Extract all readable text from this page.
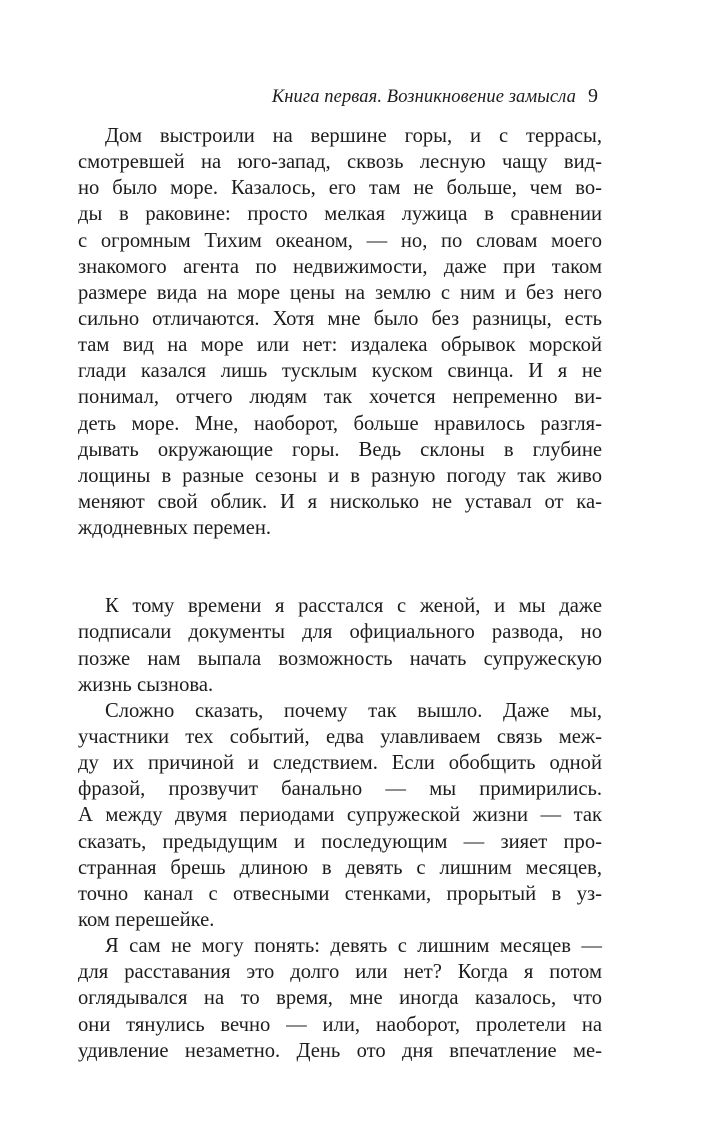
Книга первая. Возникновение замысла 9
Дом выстроили на вершине горы, и с террасы,
смотревшей на юго-запад, сквозь лесную чащу вид-
но было море. Казалось, его там не больше, чем во-
ды в раковине: просто мелкая лужица в сравнении
с огромным Тихим океаном, — но, по словам моего
знакомого агента по недвижимости, даже при таком
размере вида на море цены на землю с ним и без него
сильно отличаются. Хотя мне было без разницы, есть
там вид на море или нет: издалека обрывок морской
глади казался лишь тусклым куском свинца. И я не
понимал, отчего людям так хочется непременно ви-
деть море. Мне, наоборот, больше нравилось разгля-
дывать окружающие горы. Ведь склоны в глубине
лощины в разные сезоны и в разную погоду так живо
меняют свой облик. И я нисколько не уставал от ка-
ждодневных перемен.
К тому времени я расстался с женой, и мы даже
подписали документы для официального развода, но
позже нам выпала возможность начать супружескую
жизнь сызнова.
Сложно сказать, почему так вышло. Даже мы,
участники тех событий, едва улавливаем связь меж-
ду их причиной и следствием. Если обобщить одной
фразой, прозвучит банально — мы примирились.
А между двумя периодами супружеской жизни — так
сказать, предыдущим и последующим — зияет про-
странная брешь длиною в девять с лишним месяцев,
точно канал с отвесными стенками, прорытый в уз-
ком перешейке.
Я сам не могу понять: девять с лишним месяцев —
для расставания это долго или нет? Когда я потом
оглядывался на то время, мне иногда казалось, что
они тянулись вечно — или, наоборот, пролетели на
удивление незаметно. День ото дня впечатление ме-
